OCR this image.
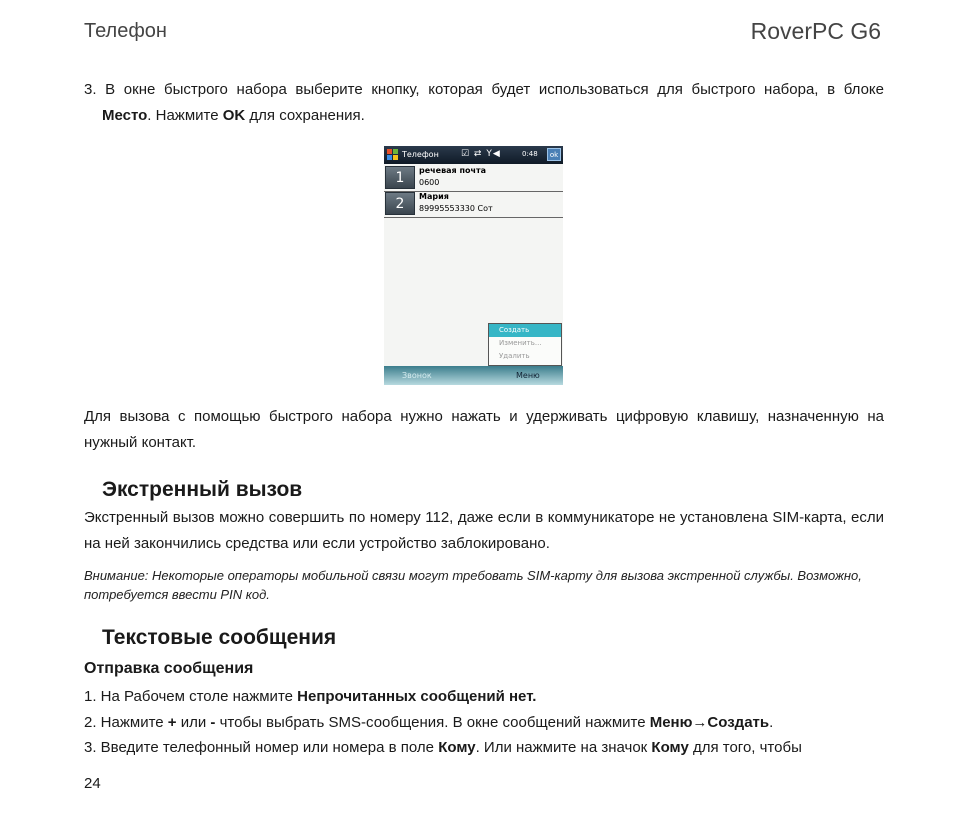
Телефон	RoverPC G6
3. В окне быстрого набора выберите кнопку, которая будет использоваться для быстрого набора, в блоке Место. Нажмите OK для сохранения.
Телефон ☑ ⇄ Y◀	0:48	ok
1	речевая почта
0600
2	Мария
89995553330 Сот
Создать
Изменить...
Удалить
Звонок	Меню
Для вызова с помощью быстрого набора нужно нажать и удерживать цифровую клавишу, назначенную на нужный контакт.
Экстренный вызов
Экстренный вызов можно совершить по номеру 112, даже если в коммуникаторе не установлена SIM-карта, если на ней закончились средства или если устройство заблокировано.
Внимание: Некоторые операторы мобильной связи могут требовать SIM-карту для вызова экстренной службы. Возможно, потребуется ввести PIN код.
Текстовые сообщения
Отправка сообщения
1. На Рабочем столе нажмите Непрочитанных сообщений нет.
2. Нажмите + или - чтобы выбрать SMS-сообщения. В окне сообщений нажмите Меню→Создать.
3. Введите телефонный номер или номера в поле Кому. Или нажмите на значок Кому для того, чтобы
24
